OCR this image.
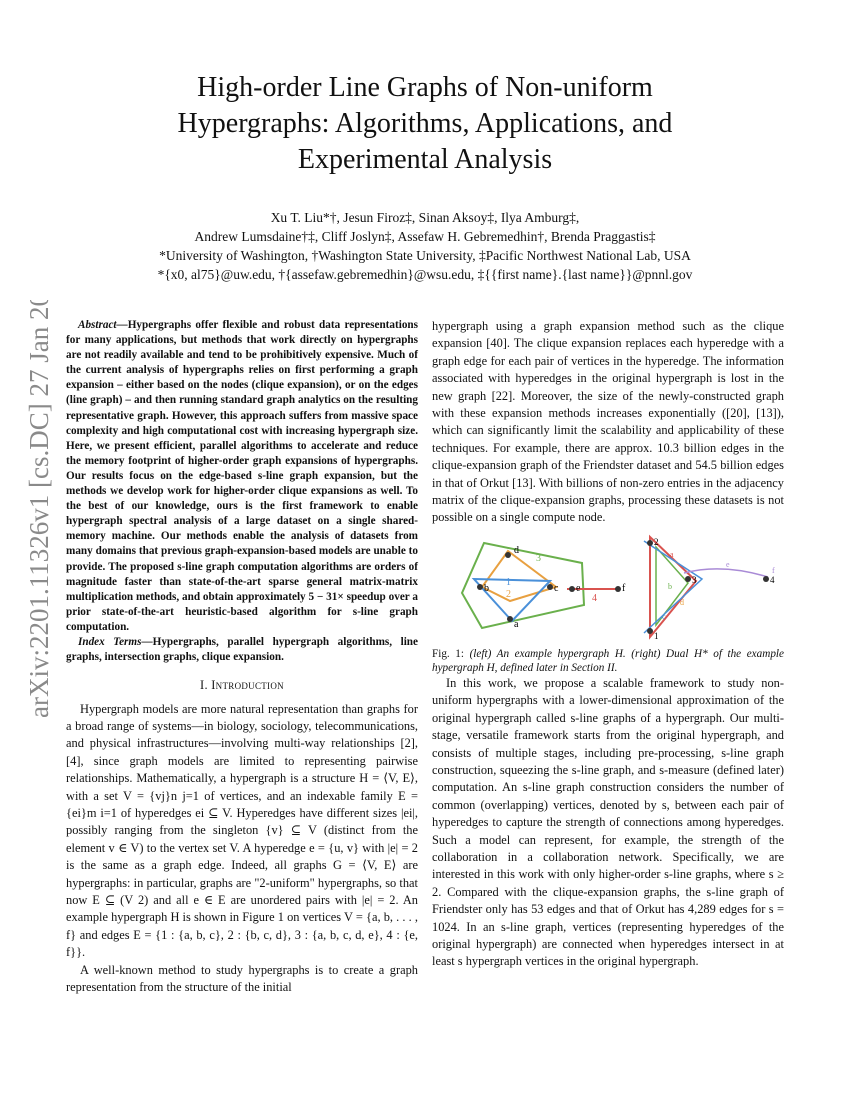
arXiv:2201.11326v1 [cs.DC] 27 Jan 2022
High-order Line Graphs of Non-uniform
Hypergraphs: Algorithms, Applications, and
Experimental Analysis
Xu T. Liu*†, Jesun Firoz‡, Sinan Aksoy‡, Ilya Amburg‡,
Andrew Lumsdaine†‡, Cliff Joslyn‡, Assefaw H. Gebremedhin†, Brenda Praggastis‡
*University of Washington, †Washington State University, ‡Pacific Northwest National Lab, USA
*{x0, al75}@uw.edu, †{assefaw.gebremedhin}@wsu.edu, ‡{{first name}.{last name}}@pnnl.gov

Abstract—Hypergraphs offer flexible and robust data representations for many applications, but methods that work directly on hypergraphs are not readily available and tend to be prohibitively expensive. Much of the current analysis of hypergraphs relies on first performing a graph expansion – either based on the nodes (clique expansion), or on the edges (line graph) – and then running standard graph analytics on the resulting representative graph. However, this approach suffers from massive space complexity and high computational cost with increasing hypergraph size. Here, we present efficient, parallel algorithms to accelerate and reduce the memory footprint of higher-order graph expansions of hypergraphs. Our results focus on the edge-based s-line graph expansion, but the methods we develop work for higher-order clique expansions as well. To the best of our knowledge, ours is the first framework to enable hypergraph spectral analysis of a large dataset on a single shared-memory machine. Our methods enable the analysis of datasets from many domains that previous graph-expansion-based models are unable to provide. The proposed s-line graph computation algorithms are orders of magnitude faster than state-of-the-art sparse general matrix-matrix multiplication methods, and obtain approximately 5 − 31× speedup over a prior state-of-the-art heuristic-based algorithm for s-line graph computation.

Index Terms—Hypergraphs, parallel hypergraph algorithms, line graphs, intersection graphs, clique expansion.

I. Introduction

Hypergraph models are more natural representation than graphs for a broad range of systems—in biology, sociology, telecommunications, and physical infrastructures—involving multi-way relationships [2], [4], since graph models are limited to representing pairwise relationships. Mathematically, a hypergraph is a structure H = ⟨V, E⟩, with a set V = {vj}n j=1 of vertices, and an indexable family E = {ei}m i=1 of hyperedges ei ⊆ V. Hyperedges have different sizes |ei|, possibly ranging from the singleton {v} ⊆ V (distinct from the element v ∈ V) to the vertex set V. A hyperedge e = {u, v} with |e| = 2 is the same as a graph edge. Indeed, all graphs G = ⟨V, E⟩ are hypergraphs: in particular, graphs are "2-uniform" hypergraphs, so that now E ⊆ (V 2) and all e ∈ E are unordered pairs with |e| = 2. An example hypergraph H is shown in Figure 1 on vertices V = {a, b, . . . , f} and edges E = {1 : {a, b, c}, 2 : {b, c, d}, 3 : {a, b, c, d, e}, 4 : {e, f}}.

A well-known method to study hypergraphs is to create a graph representation from the structure of the initial

hypergraph using a graph expansion method such as the clique expansion [40]. The clique expansion replaces each hyperedge with a graph edge for each pair of vertices in the hyperedge. The information associated with hyperedges in the original hypergraph is lost in the new graph [22]. Moreover, the size of the newly-constructed graph with these expansion methods increases exponentially ([20], [13]), which can significantly limit the scalability and applicability of these techniques. For example, there are approx. 10.3 billion edges in the clique-expansion graph of the Friendster dataset and 54.5 billion edges in that of Orkut [13]. With billions of non-zero entries in the adjacency matrix of the clique-expansion graphs, processing these datasets is not possible on a single compute node.

d
b	c
a
e	f
1
2
3
4
2
3
1
4
a
b
c
d
e
f

Fig. 1: (left) An example hypergraph H. (right) Dual H* of the example hypergraph H, defined later in Section II.

In this work, we propose a scalable framework to study non-uniform hypergraphs with a lower-dimensional approximation of the original hypergraph called s-line graphs of a hypergraph. Our multi-stage, versatile framework starts from the original hypergraph, and consists of multiple stages, including pre-processing, s-line graph construction, squeezing the s-line graph, and s-measure (defined later) computation. An s-line graph construction considers the number of common (overlapping) vertices, denoted by s, between each pair of hyperedges to capture the strength of connections among hyperedges. Such a model can represent, for example, the strength of the collaboration in a collaboration network. Specifically, we are interested in this work with only higher-order s-line graphs, where s ≥ 2. Compared with the clique-expansion graphs, the s-line graph of Friendster only has 53 edges and that of Orkut has 4,289 edges for s = 1024. In an s-line graph, vertices (representing hyperedges of the original hypergraph) are connected when hyperedges intersect in at least s hypergraph vertices in the original hypergraph.
